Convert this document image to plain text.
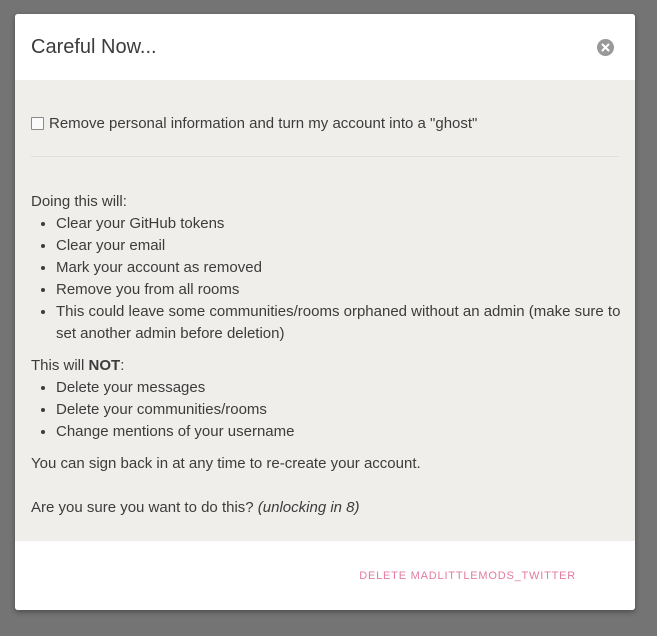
Careful Now...
Remove personal information and turn my account into a "ghost"
Doing this will:
• Clear your GitHub tokens
• Clear your email
• Mark your account as removed
• Remove you from all rooms
• This could leave some communities/rooms orphaned without an admin (make sure to set another admin before deletion)
This will NOT:
• Delete your messages
• Delete your communities/rooms
• Change mentions of your username
You can sign back in at any time to re-create your account.
Are you sure you want to do this? (unlocking in 8)
DELETE MADLITTLEMODS_TWITTER
